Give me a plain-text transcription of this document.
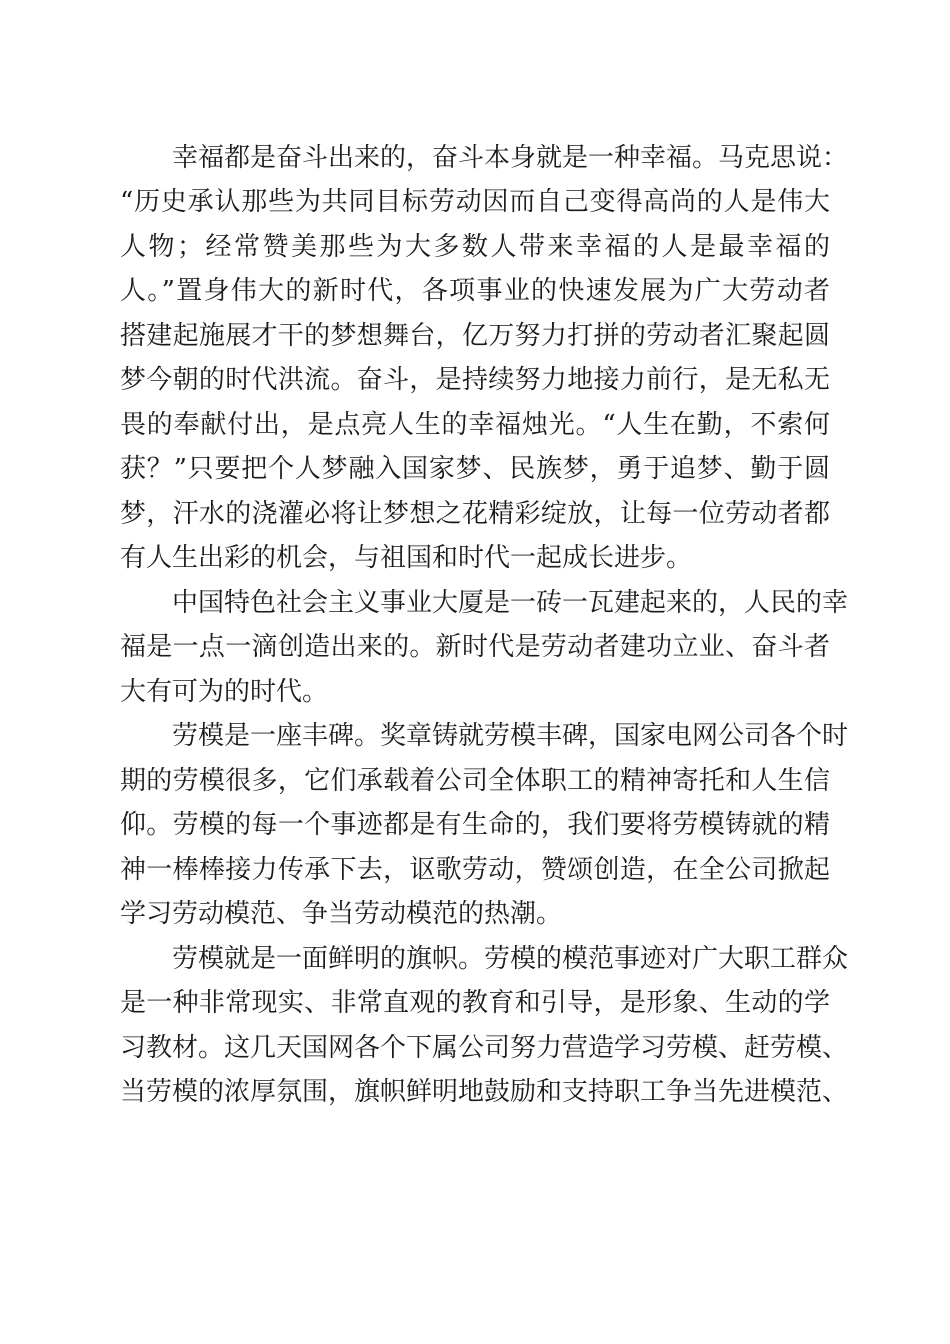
幸福都是奋斗出来的，奋斗本身就是一种幸福。马克思说：
“历史承认那些为共同目标劳动因而自己变得高尚的人是伟大
人物；经常赞美那些为大多数人带来幸福的人是最幸福的
人。”置身伟大的新时代，各项事业的快速发展为广大劳动者
搭建起施展才干的梦想舞台，亿万努力打拼的劳动者汇聚起圆
梦今朝的时代洪流。奋斗，是持续努力地接力前行，是无私无
畏的奉献付出，是点亮人生的幸福烛光。“人生在勤，不索何
获？”只要把个人梦融入国家梦、民族梦，勇于追梦、勤于圆
梦，汗水的浇灌必将让梦想之花精彩绽放，让每一位劳动者都
有人生出彩的机会，与祖国和时代一起成长进步。
中国特色社会主义事业大厦是一砖一瓦建起来的，人民的幸
福是一点一滴创造出来的。新时代是劳动者建功立业、奋斗者
大有可为的时代。
劳模是一座丰碑。奖章铸就劳模丰碑，国家电网公司各个时
期的劳模很多，它们承载着公司全体职工的精神寄托和人生信
仰。劳模的每一个事迹都是有生命的，我们要将劳模铸就的精
神一棒棒接力传承下去，讴歌劳动，赞颂创造，在全公司掀起
学习劳动模范、争当劳动模范的热潮。
劳模就是一面鲜明的旗帜。劳模的模范事迹对广大职工群众
是一种非常现实、非常直观的教育和引导，是形象、生动的学
习教材。这几天国网各个下属公司努力营造学习劳模、赶劳模、
当劳模的浓厚氛围，旗帜鲜明地鼓励和支持职工争当先进模范、
